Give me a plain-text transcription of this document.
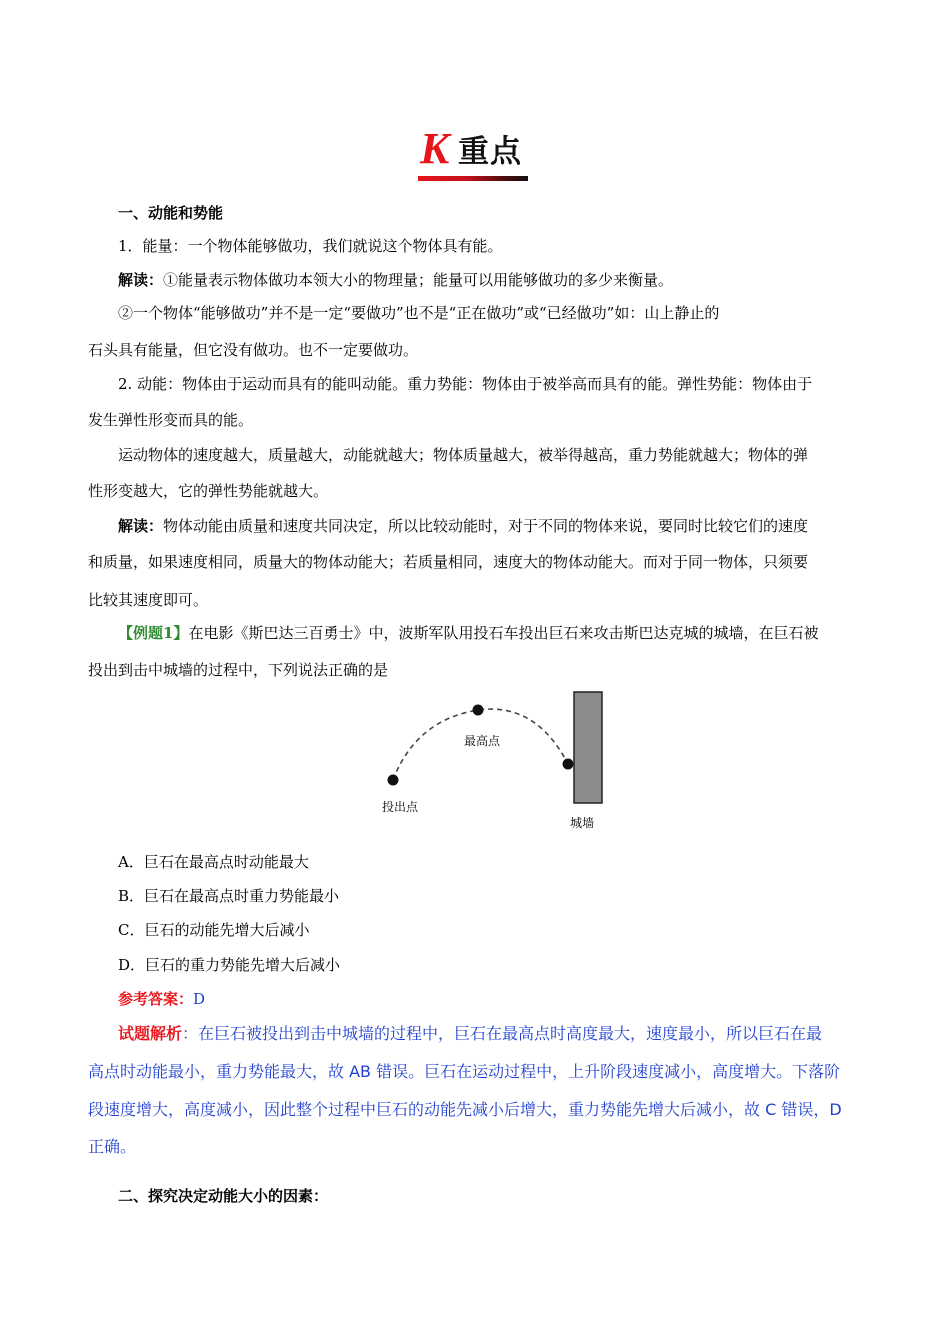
K 重点
一、动能和势能
1．能量：一个物体能够做功，我们就说这个物体具有能。
解读：①能量表示物体做功本领大小的物理量；能量可以用能够做功的多少来衡量。
②一个物体“能够做功”并不是一定“要做功”也不是“正在做功”或“已经做功”如：山上静止的
石头具有能量，但它没有做功。也不一定要做功。
2. 动能：物体由于运动而具有的能叫动能。重力势能：物体由于被举高而具有的能。弹性势能：物体由于
发生弹性形变而具的能。
运动物体的速度越大，质量越大，动能就越大；物体质量越大，被举得越高，重力势能就越大；物体的弹
性形变越大，它的弹性势能就越大。
解读：物体动能由质量和速度共同决定，所以比较动能时，对于不同的物体来说，要同时比较它们的速度
和质量，如果速度相同，质量大的物体动能大；若质量相同，速度大的物体动能大。而对于同一物体，只须要
比较其速度即可。
【例题1】在电影《斯巴达三百勇士》中，波斯军队用投石车投出巨石来攻击斯巴达克城的城墙，在巨石被
投出到击中城墙的过程中，下列说法正确的是
最高点
投出点
城墙
A．巨石在最高点时动能最大
B．巨石在最高点时重力势能最小
C．巨石的动能先增大后减小
D．巨石的重力势能先增大后减小
参考答案：D
试题解析：在巨石被投出到击中城墙的过程中，巨石在最高点时高度最大，速度最小，所以巨石在最
高点时动能最小，重力势能最大，故 AB 错误。巨石在运动过程中，上升阶段速度减小，高度增大。下落阶
段速度增大，高度减小，因此整个过程中巨石的动能先减小后增大，重力势能先增大后减小，故 C 错误，D
正确。
二、探究决定动能大小的因素：
